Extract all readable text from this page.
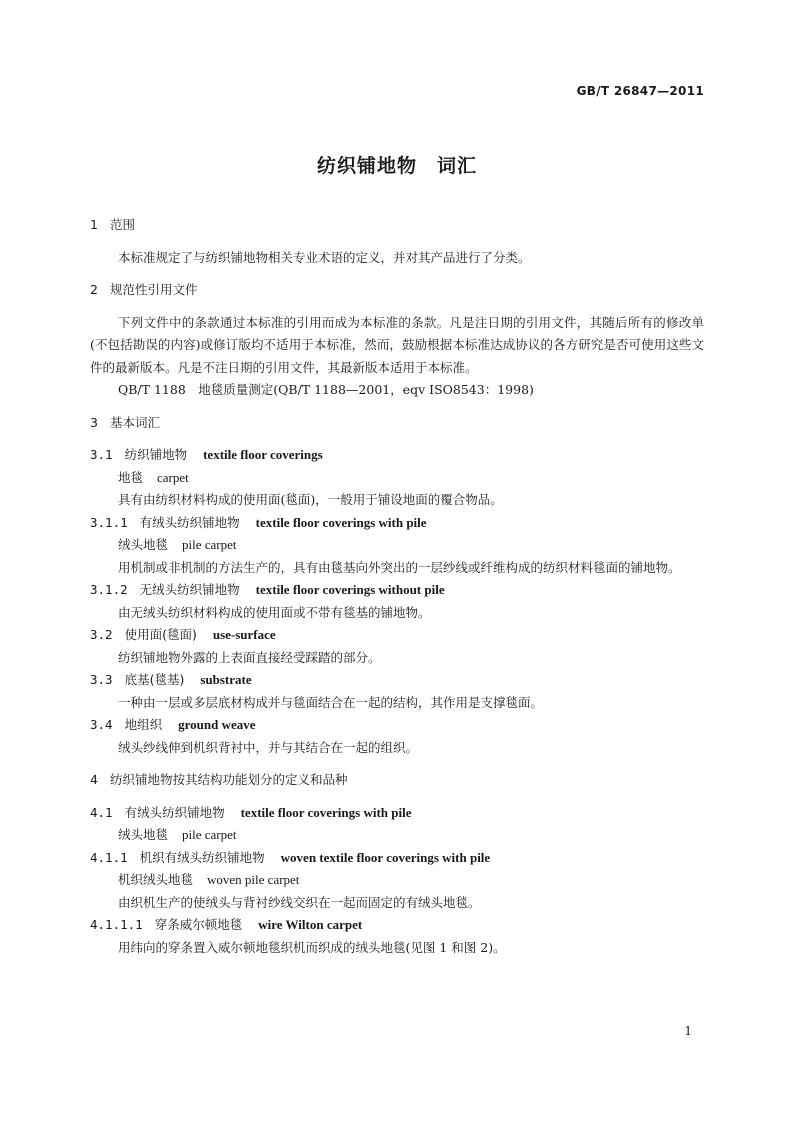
GB/T 26847—2011
纺织铺地物　词汇
1 范围

本标准规定了与纺织铺地物相关专业术语的定义，并对其产品进行了分类。

2 规范性引用文件

下列文件中的条款通过本标准的引用而成为本标准的条款。凡是注日期的引用文件，其随后所有的修改单(不包括勘误的内容)或修订版均不适用于本标准，然而，鼓励根据本标准达成协议的各方研究是否可使用这些文件的最新版本。凡是不注日期的引用文件，其最新版本适用于本标准。

QB/T 1188　地毯质量测定(QB/T 1188—2001，eqv ISO8543：1998)

3 基本词汇
3.1 纺织铺地物 textile floor coverings
地毯 carpet

具有由纺织材料构成的使用面(毯面)，一般用于铺设地面的覆合物品。

3.1.1 有绒头纺织铺地物 textile floor coverings with pile
绒头地毯 pile carpet

用机制或非机制的方法生产的，具有由毯基向外突出的一层纱线或纤维构成的纺织材料毯面的铺地物。

3.1.2 无绒头纺织铺地物 textile floor coverings without pile

由无绒头纺织材料构成的使用面或不带有毯基的铺地物。

3.2 使用面(毯面) use-surface

纺织铺地物外露的上表面直接经受踩踏的部分。

3.3 底基(毯基) substrate

一种由一层或多层底材构成并与毯面结合在一起的结构，其作用是支撑毯面。

3.4 地组织 ground weave

绒头纱线伸到机织背衬中，并与其结合在一起的组织。

4 纺织铺地物按其结构功能划分的定义和品种
4.1 有绒头纺织铺地物 textile floor coverings with pile
绒头地毯 pile carpet
4.1.1 机织有绒头纺织铺地物 woven textile floor coverings with pile
机织绒头地毯 woven pile carpet

由织机生产的使绒头与背衬纱线交织在一起而固定的有绒头地毯。

4.1.1.1 穿条威尔顿地毯 wire Wilton carpet

用纬向的穿条置入威尔顿地毯织机而织成的绒头地毯(见图 1 和图 2)。

1
